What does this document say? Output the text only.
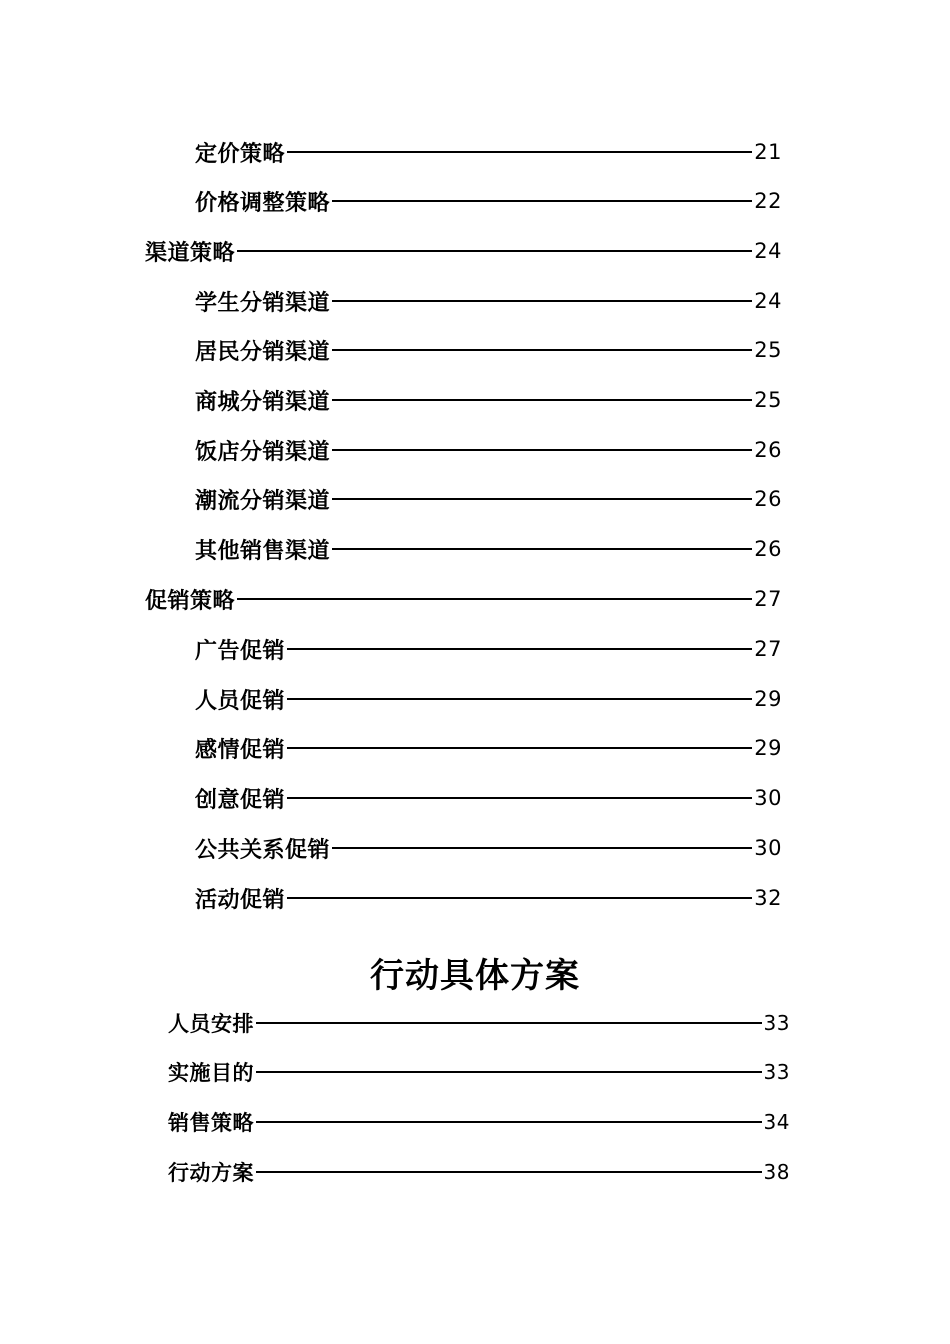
定价策略	21
价格调整策略	22
渠道策略	24
学生分销渠道	24
居民分销渠道	25
商城分销渠道	25
饭店分销渠道	26
潮流分销渠道	26
其他销售渠道	26
促销策略	27
广告促销	27
人员促销	29
感情促销	29
创意促销	30
公共关系促销	30
活动促销	32
行动具体方案
人员安排	33
实施目的	33
销售策略	34
行动方案	38
